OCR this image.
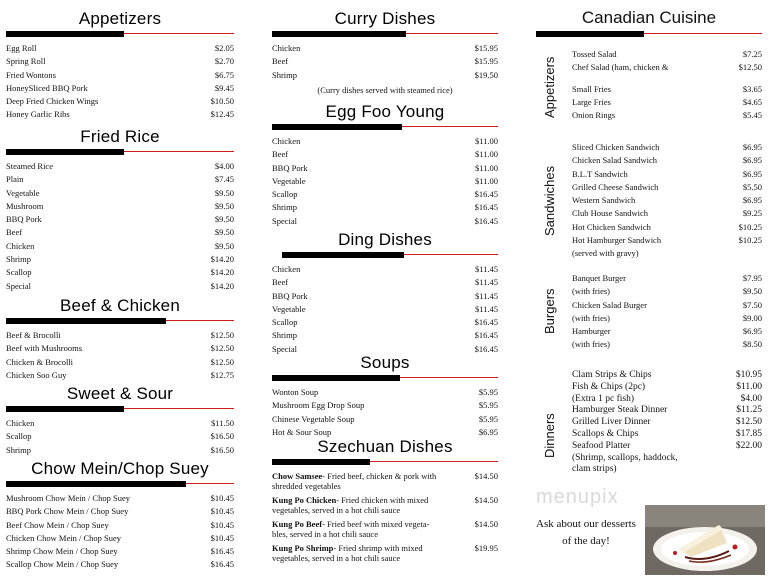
Appetizers
Egg Roll	$2.05
Spring Roll	$2.70
Fried Wontons	$6.75
HoneySliced BBQ Pork	$9.45
Deep Fried Chicken Wings	$10.50
Honey Garlic Ribs	$12.45
Fried Rice
Steamed Rice	$4.00
Plain	$7.45
Vegetable	$9.50
Mushroom	$9.50
BBQ Pork	$9.50
Beef	$9.50
Chicken	$9.50
Shrimp	$14.20
Scallop	$14.20
Special	$14.20
Beef & Chicken
Beef & Brocolli	$12.50
Beef with Mushrooms	$12.50
Chicken & Brocolli	$12.50
Chicken Soo Guy	$12.75
Sweet & Sour
Chicken	$11.50
Scallop	$16.50
Shrimp	$16.50
Chow Mein/Chop Suey
Mushroom Chow Mein / Chop Suey	$10.45
BBQ Pork Chow Mein / Chop Suey	$10.45
Beef Chow Mein / Chop Suey	$10.45
Chicken Chow Mein / Chop Suey	$10.45
Shrimp Chow Mein / Chop Suey	$16.45
Scallop Chow Mein / Chop Suey	$16.45
Curry Dishes
Chicken	$15.95
Beef	$15.95
Shrimp	$19.50
(Curry dishes served with steamed rice)
Egg Foo Young
Chicken	$11.00
Beef	$11.00
BBQ Pork	$11.00
Vegetable	$11.00
Scallop	$16.45
Shrimp	$16.45
Special	$16.45
Ding Dishes
Chicken	$11.45
Beef	$11.45
BBQ Pork	$11.45
Vegetable	$11.45
Scallop	$16.45
Shrimp	$16.45
Special	$16.45
Soups
Wonton Soup	$5.95
Mushroom Egg Drop Soup	$5.95
Chinese Vegetable Soup	$5.95
Hot & Sour Soup	$6.95
Szechuan Dishes
Chow Samsee- Fried beef, chicken & pork with shredded vegetables
$14.50
Kung Po Chicken- Fried chicken with mixed vegetables, served in a hot chili sauce
$14.50
Kung Po Beef- Fried beef with mixed vegeta-bles, served in a hot chili sauce
$14.50
Kung Po Shrimp- Fried shrimp with mixed vegetables, served in a hot chili sauce
$19.95
Canadian Cuisine
Appetizers
Tossed Salad	$7.25
Chef Salad (ham, chicken &	$12.50
Small Fries	$3.65
Large Fries	$4.65
Onion Rings	$5.45
Sandwiches
Sliced Chicken Sandwich	$6.95
Chicken Salad Sandwich	$6.95
B.L.T Sandwich	$6.95
Grilled Cheese Sandwich	$5.50
Western Sandwich	$6.95
Club House Sandwich	$9.25
Hot Chicken Sandwich	$10.25
Hot Hamburger Sandwich	$10.25
(served with gravy)
Burgers
Banquet Burger	$7.95
(with fries)	$9.50
Chicken Salad Burger	$7.50
(with fries)	$9.00
Hamburger	$6.95
(with fries)	$8.50
Dinners
Clam Strips & Chips	$10.95
Fish & Chips (2pc)	$11.00
(Extra 1 pc fish)	$4.00
Hamburger Steak Dinner	$11.25
Grilled Liver Dinner	$12.50
Scallops & Chips	$17.85
Seafood Platter	$22.00
(Shrimp, scallops, haddock,
clam strips)
menupix
Ask about our desserts
of the day!
